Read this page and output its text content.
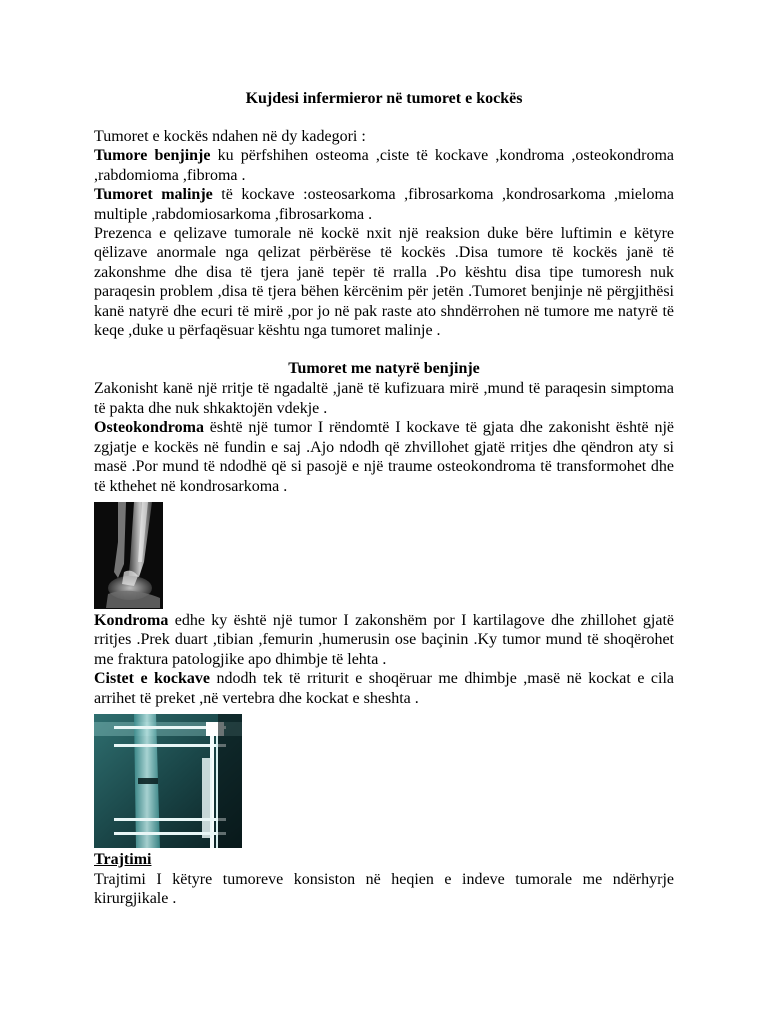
Kujdesi infermieror në tumoret e kockës

Tumoret e kockës ndahen në dy kadegori :

Tumore benjinje ku përfshihen osteoma ,ciste të kockave ,kondroma ,osteokondroma ,rabdomioma ,fibroma .

Tumoret malinje të kockave :osteosarkoma ,fibrosarkoma ,kondrosarkoma ,mieloma multiple ,rabdomiosarkoma ,fibrosarkoma .

Prezenca e qelizave tumorale në kockë nxit një reaksion duke bëre luftimin e këtyre qëlizave anormale nga qelizat përbërëse të kockës .Disa tumore të kockës janë të zakonshme dhe disa të tjera janë tepër të rralla .Po kështu disa tipe tumoresh nuk paraqesin problem ,disa të tjera bëhen kërcënim për jetën .Tumoret benjinje në përgjithësi kanë natyrë dhe ecuri të mirë ,por jo në pak raste ato shndërrohen në tumore me natyrë të keqe ,duke u përfaqësuar kështu nga tumoret malinje .

Tumoret me natyrë benjinje

Zakonisht kanë një rritje të ngadaltë ,janë të kufizuara mirë ,mund të paraqesin simptoma të pakta dhe nuk shkaktojën vdekje .

Osteokondroma është një tumor I rëndomtë I kockave të gjata dhe zakonisht është një zgjatje e kockës në fundin e saj .Ajo ndodh që zhvillohet gjatë rritjes dhe qëndron aty si masë .Por mund të ndodhë që si pasojë e një traume osteokondroma të transformohet dhe të kthehet në kondrosarkoma .

Kondroma edhe ky është një tumor I zakonshëm por I kartilagove dhe zhillohet gjatë rritjes .Prek duart ,tibian ,femurin ,humerusin ose baçinin .Ky tumor mund të shoqërohet me fraktura patologjike apo dhimbje të lehta .

Cistet e kockave ndodh tek të rriturit e shoqëruar me dhimbje ,masë në kockat e cila arrihet të preket ,në vertebra dhe kockat e sheshta .

Trajtimi

Trajtimi I këtyre tumoreve konsiston në heqien e indeve tumorale me ndërhyrje kirurgjikale .
